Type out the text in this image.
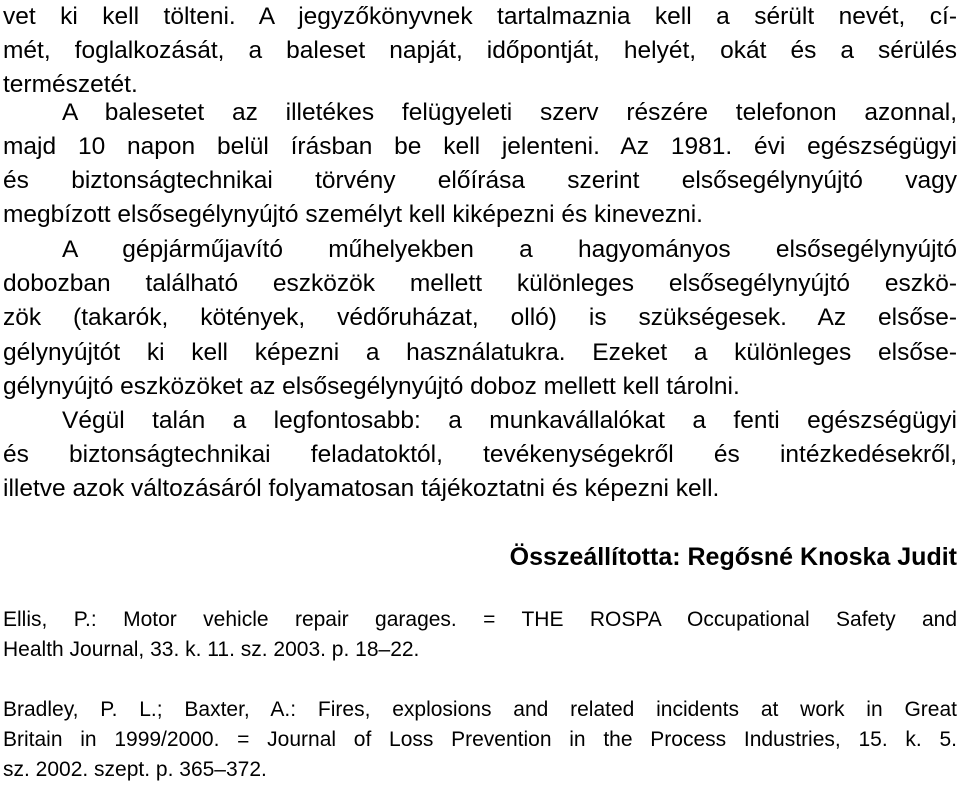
vet ki kell tölteni. A jegyzőkönyvnek tartalmaznia kell a sérült nevét, cí-
mét, foglalkozását, a baleset napját, időpontját, helyét, okát és a sérülés
természetét.
A balesetet az illetékes felügyeleti szerv részére telefonon azonnal,
majd 10 napon belül írásban be kell jelenteni. Az 1981. évi egészségügyi
és biztonságtechnikai törvény előírása szerint elsősegélynyújtó vagy
megbízott elsősegélynyújtó személyt kell kiképezni és kinevezni.
A gépjárműjavító műhelyekben a hagyományos elsősegélynyújtó
dobozban található eszközök mellett különleges elsősegélynyújtó eszkö-
zök (takarók, kötények, védőruházat, olló) is szükségesek. Az elsőse-
gélynyújtót ki kell képezni a használatukra. Ezeket a különleges elsőse-
gélynyújtó eszközöket az elsősegélynyújtó doboz mellett kell tárolni.
Végül talán a legfontosabb: a munkavállalókat a fenti egészségügyi
és biztonságtechnikai feladatoktól, tevékenységekről és intézkedésekről,
illetve azok változásáról folyamatosan tájékoztatni és képezni kell.
Összeállította: Regősné Knoska Judit
Ellis, P.: Motor vehicle repair garages. = THE ROSPA Occupational Safety and
Health Journal, 33. k. 11. sz. 2003. p. 18–22.
Bradley, P. L.; Baxter, A.: Fires, explosions and related incidents at work in Great
Britain in 1999/2000. = Journal of Loss Prevention in the Process Industries, 15. k. 5.
sz. 2002. szept. p. 365–372.
